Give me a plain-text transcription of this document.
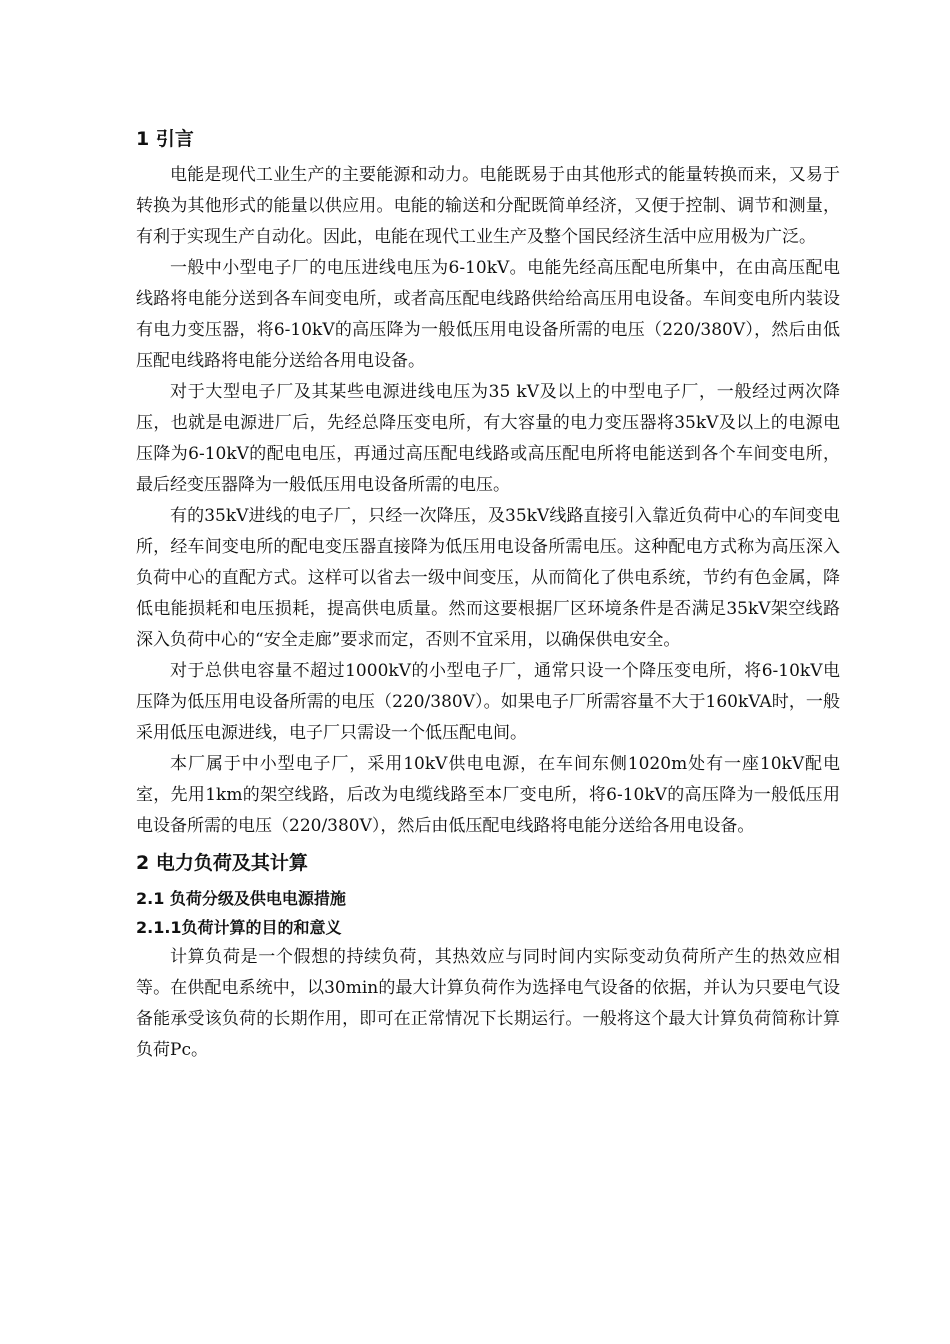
1 引言

电能是现代工业生产的主要能源和动力。电能既易于由其他形式的能量转换而来，又易于转换为其他形式的能量以供应用。电能的输送和分配既简单经济，又便于控制、调节和测量，有利于实现生产自动化。因此，电能在现代工业生产及整个国民经济生活中应用极为广泛。

一般中小型电子厂的电压进线电压为6-10kV。电能先经高压配电所集中，在由高压配电线路将电能分送到各车间变电所，或者高压配电线路供给给高压用电设备。车间变电所内装设有电力变压器，将6-10kV的高压降为一般低压用电设备所需的电压（220/380V），然后由低压配电线路将电能分送给各用电设备。

对于大型电子厂及其某些电源进线电压为35 kV及以上的中型电子厂，一般经过两次降压，也就是电源进厂后，先经总降压变电所，有大容量的电力变压器将35kV及以上的电源电压降为6-10kV的配电电压，再通过高压配电线路或高压配电所将电能送到各个车间变电所，最后经变压器降为一般低压用电设备所需的电压。

有的35kV进线的电子厂，只经一次降压，及35kV线路直接引入靠近负荷中心的车间变电所，经车间变电所的配电变压器直接降为低压用电设备所需电压。这种配电方式称为高压深入负荷中心的直配方式。这样可以省去一级中间变压，从而简化了供电系统，节约有色金属，降低电能损耗和电压损耗，提高供电质量。然而这要根据厂区环境条件是否满足35kV架空线路深入负荷中心的“安全走廊”要求而定，否则不宜采用，以确保供电安全。

对于总供电容量不超过1000kV的小型电子厂，通常只设一个降压变电所，将6-10kV电压降为低压用电设备所需的电压（220/380V）。如果电子厂所需容量不大于160kVA时，一般采用低压电源进线，电子厂只需设一个低压配电间。

本厂属于中小型电子厂，采用10kV供电电源，在车间东侧1020m处有一座10kV配电室，先用1km的架空线路，后改为电缆线路至本厂变电所，将6-10kV的高压降为一般低压用电设备所需的电压（220/380V），然后由低压配电线路将电能分送给各用电设备。

2 电力负荷及其计算
2.1 负荷分级及供电电源措施
2.1.1负荷计算的目的和意义

计算负荷是一个假想的持续负荷，其热效应与同时间内实际变动负荷所产生的热效应相等。在供配电系统中，以30min的最大计算负荷作为选择电气设备的依据，并认为只要电气设备能承受该负荷的长期作用，即可在正常情况下长期运行。一般将这个最大计算负荷简称计算负荷Pc。
